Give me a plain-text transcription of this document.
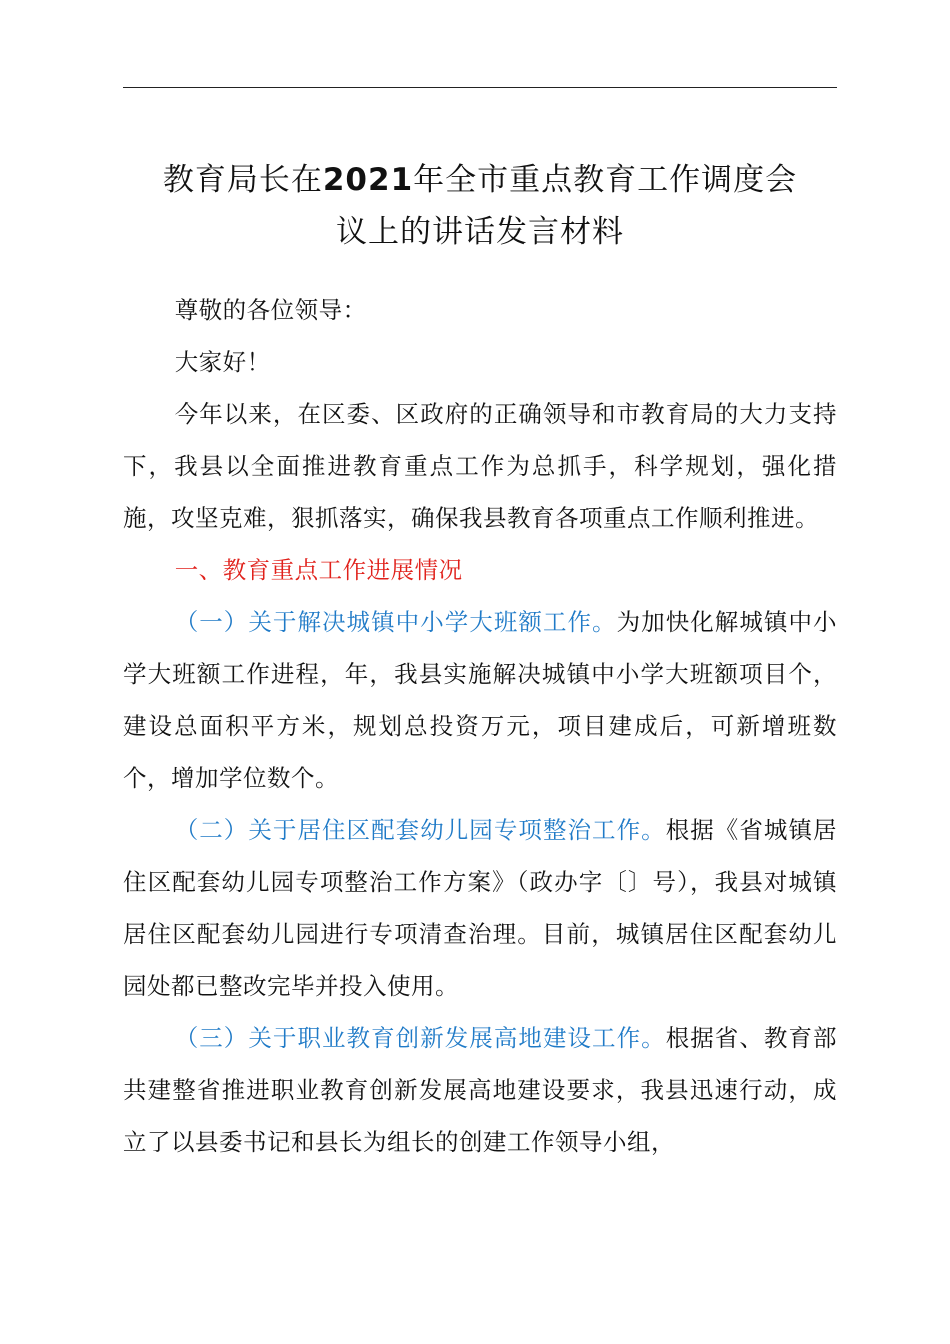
教育局长在2021年全市重点教育工作调度会
议上的讲话发言材料

尊敬的各位领导：

大家好！

今年以来，在区委、区政府的正确领导和市教育局的大力支持下，我县以全面推进教育重点工作为总抓手，科学规划，强化措施，攻坚克难，狠抓落实，确保我县教育各项重点工作顺利推进。

一、教育重点工作进展情况

（一）关于解决城镇中小学大班额工作。为加快化解城镇中小学大班额工作进程，年，我县实施解决城镇中小学大班额项目个，建设总面积平方米，规划总投资万元，项目建成后，可新增班数个，增加学位数个。

（二）关于居住区配套幼儿园专项整治工作。根据《省城镇居住区配套幼儿园专项整治工作方案》（政办字〔〕号），我县对城镇居住区配套幼儿园进行专项清查治理。目前，城镇居住区配套幼儿园处都已整改完毕并投入使用。

（三）关于职业教育创新发展高地建设工作。根据省、教育部共建整省推进职业教育创新发展高地建设要求，我县迅速行动，成立了以县委书记和县长为组长的创建工作领导小组，
